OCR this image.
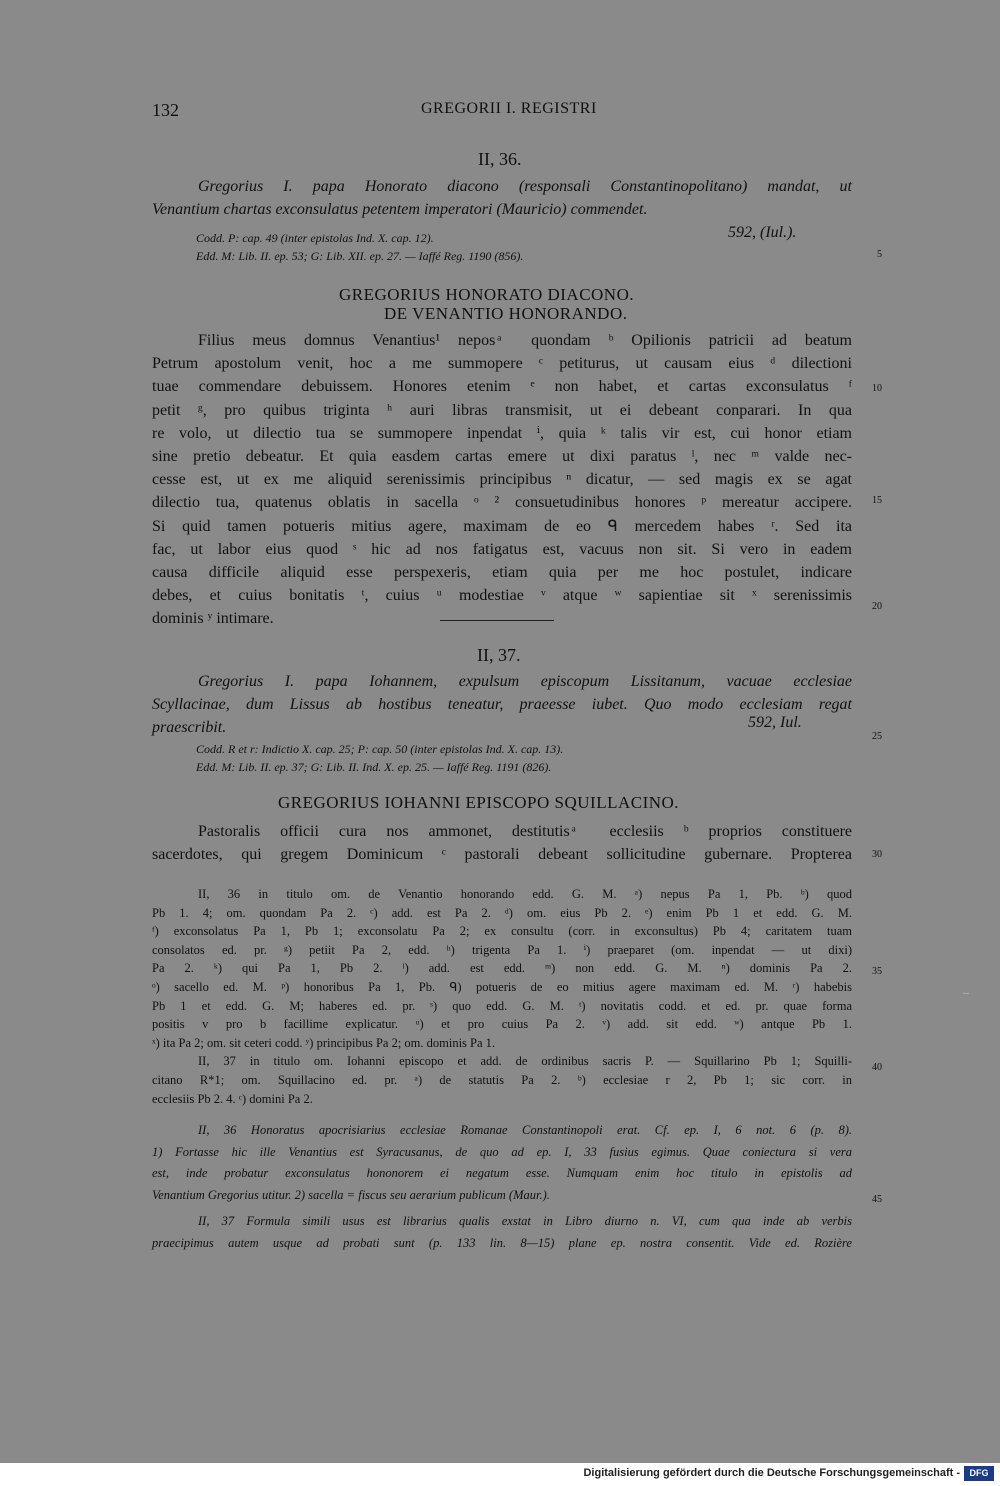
132	GREGORII I. REGISTRI
II, 36.
Gregorius I. papa Honorato diacono (responsali Constantinopolitano) mandat, ut
Venantium chartas exconsulatus petentem imperatori (Mauricio) commendet.
Codd. P: cap. 49 (inter epistolas Ind. X. cap. 12).	592, (Iul.).
Edd. M: Lib. II. ep. 53; G: Lib. XII. ep. 27. — Iaffé Reg. 1190 (856).
GREGORIUS HONORATO DIACONO.
DE VENANTIO HONORANDO.
Filius meus domnus Venantius¹ nepos ͣ quondam ᵇ Opilionis patricii ad beatum
Petrum apostolum venit, hoc a me summopere ᶜ petiturus, ut causam eius ᵈ dilectioni
tuae commendare debuissem. Honores etenim ᵉ non habet, et cartas exconsulatus ᶠ
petit ᵍ, pro quibus triginta ʰ auri libras transmisit, ut ei debeant conparari. In qua
re volo, ut dilectio tua se summopere inpendat ⁱ, quia ᵏ talis vir est, cui honor etiam
sine pretio debeatur. Et quia easdem cartas emere ut dixi paratus ˡ, nec ᵐ valde nec-
cesse est, ut ex me aliquid serenissimis principibus ⁿ dicatur, — sed magis ex se agat
dilectio tua, quatenus oblatis in sacella ᵒ ² consuetudinibus honores ᵖ mereatur accipere.
Si quid tamen potueris mitius agere, maximam de eo ᑫ mercedem habes ʳ. Sed ita
fac, ut labor eius quod ˢ hic ad nos fatigatus est, vacuus non sit. Si vero in eadem
causa difficile aliquid esse perspexeris, etiam quia per me hoc postulet, indicare
debes, et cuius bonitatis ᵗ, cuius ᵘ modestiae ᵛ atque ʷ sapientiae sit ˣ serenissimis
dominis ʸ intimare.
II, 37.
Gregorius I. papa Iohannem, expulsum episcopum Lissitanum, vacuae ecclesiae
Scyllacinae, dum Lissus ab hostibus teneatur, praeesse iubet. Quo modo ecclesiam regat
praescribit.	592, Iul.
Codd. R et r: Indictio X. cap. 25; P: cap. 50 (inter epistolas Ind. X. cap. 13).
Edd. M: Lib. II. ep. 37; G: Lib. II. Ind. X. ep. 25. — Iaffé Reg. 1191 (826).
GREGORIUS IOHANNI EPISCOPO SQUILLACINO.
Pastoralis officii cura nos ammonet, destitutis ͣ ecclesiis ᵇ proprios constituere
sacerdotes, qui gregem Dominicum ᶜ pastorali debeant sollicitudine gubernare. Propterea
II, 36 in titulo om. de Venantio honorando edd. G. M. ᵃ) nepus Pa 1, Pb. ᵇ) quod
Pb 1. 4; om. quondam Pa 2. ᶜ) add. est Pa 2. ᵈ) om. eius Pb 2. ᵉ) enim Pb 1 et edd. G. M.
ᶠ) exconsolatus Pa 1, Pb 1; exconsolatu Pa 2; ex consultu (corr. in exconsultus) Pb 4; caritatem tuam
consolatos ed. pr. ᵍ) petiit Pa 2, edd. ʰ) trigenta Pa 1. ⁱ) praeparet (om. inpendat — ut dixi)
Pa 2. ᵏ) qui Pa 1, Pb 2. ˡ) add. est edd. ᵐ) non edd. G. M. ⁿ) dominis Pa 2.
ᵒ) sacello ed. M. ᵖ) honoribus Pa 1, Pb. ᑫ) potueris de eo mitius agere maximam ed. M. ʳ) habebis
Pb 1 et edd. G. M; haberes ed. pr. ˢ) quo edd. G. M. ᵗ) novitatis codd. et ed. pr. quae forma
positis v pro b facillime explicatur. ᵘ) et pro cuius Pa 2. ᵛ) add. sit edd. ʷ) antque Pb 1.
ˣ) ita Pa 2; om. sit ceteri codd. ʸ) principibus Pa 2; om. dominis Pa 1.
II, 37 in titulo om. Iohanni episcopo et add. de ordinibus sacris P. — Squillarino Pb 1; Squilli-
citano R*1; om. Squillacino ed. pr. ᵃ) de statutis Pa 2. ᵇ) ecclesiae r 2, Pb 1; sic corr. in
ecclesiis Pb 2. 4. ᶜ) domini Pa 2.
II, 36 Honoratus apocrisiarius ecclesiae Romanae Constantinopoli erat. Cf. ep. I, 6 not. 6 (p. 8).
1) Fortasse hic ille Venantius est Syracusanus, de quo ad ep. I, 33 fusius egimus. Quae coniectura si vera
est, inde probatur exconsulatus hononorem ei negatum esse. Numquam enim hoc titulo in epistolis ad
Venantium Gregorius utitur. 2) sacella = fiscus seu aerarium publicum (Maur.).
II, 37 Formula simili usus est librarius qualis exstat in Libro diurno n. VI, cum qua inde ab verbis
praecipimus autem usque ad probati sunt (p. 133 lin. 8—15) plane ep. nostra consentit. Vide ed. Rozière
5
10
15
20
25
30
35
40
45
Digitalisierung gefördert durch die Deutsche Forschungsgemeinschaft -	DFG
